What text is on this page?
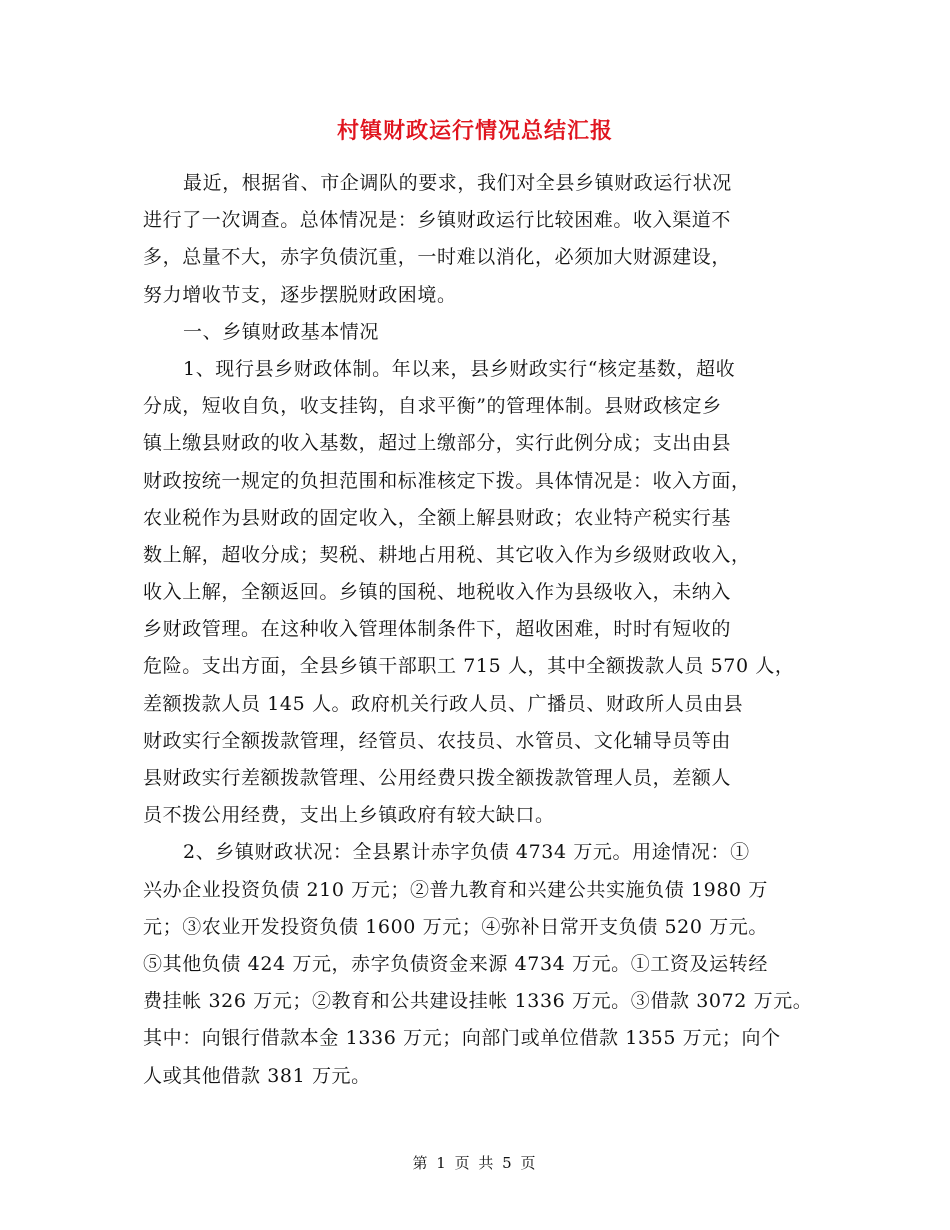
村镇财政运行情况总结汇报
最近，根据省、市企调队的要求，我们对全县乡镇财政运行状况
进行了一次调查。总体情况是：乡镇财政运行比较困难。收入渠道不
多，总量不大，赤字负债沉重，一时难以消化，必须加大财源建设，
努力增收节支，逐步摆脱财政困境。
一、乡镇财政基本情况
1、现行县乡财政体制。年以来，县乡财政实行“核定基数，超收
分成，短收自负，收支挂钩，自求平衡”的管理体制。县财政核定乡
镇上缴县财政的收入基数，超过上缴部分，实行此例分成；支出由县
财政按统一规定的负担范围和标准核定下拨。具体情况是：收入方面，
农业税作为县财政的固定收入，全额上解县财政；农业特产税实行基
数上解，超收分成；契税、耕地占用税、其它收入作为乡级财政收入，
收入上解，全额返回。乡镇的国税、地税收入作为县级收入，未纳入
乡财政管理。在这种收入管理体制条件下，超收困难，时时有短收的
危险。支出方面，全县乡镇干部职工 715 人，其中全额拨款人员 570 人，
差额拨款人员 145 人。政府机关行政人员、广播员、财政所人员由县
财政实行全额拨款管理，经管员、农技员、水管员、文化辅导员等由
县财政实行差额拨款管理、公用经费只拨全额拨款管理人员，差额人
员不拨公用经费，支出上乡镇政府有较大缺口。
2、乡镇财政状况：全县累计赤字负债 4734 万元。用途情况：①
兴办企业投资负债 210 万元；②普九教育和兴建公共实施负债 1980 万
元；③农业开发投资负债 1600 万元；④弥补日常开支负债 520 万元。
⑤其他负债 424 万元，赤字负债资金来源 4734 万元。①工资及运转经
费挂帐 326 万元；②教育和公共建设挂帐 1336 万元。③借款 3072 万元。
其中：向银行借款本金 1336 万元；向部门或单位借款 1355 万元；向个
人或其他借款 381 万元。
第 1 页 共 5 页
